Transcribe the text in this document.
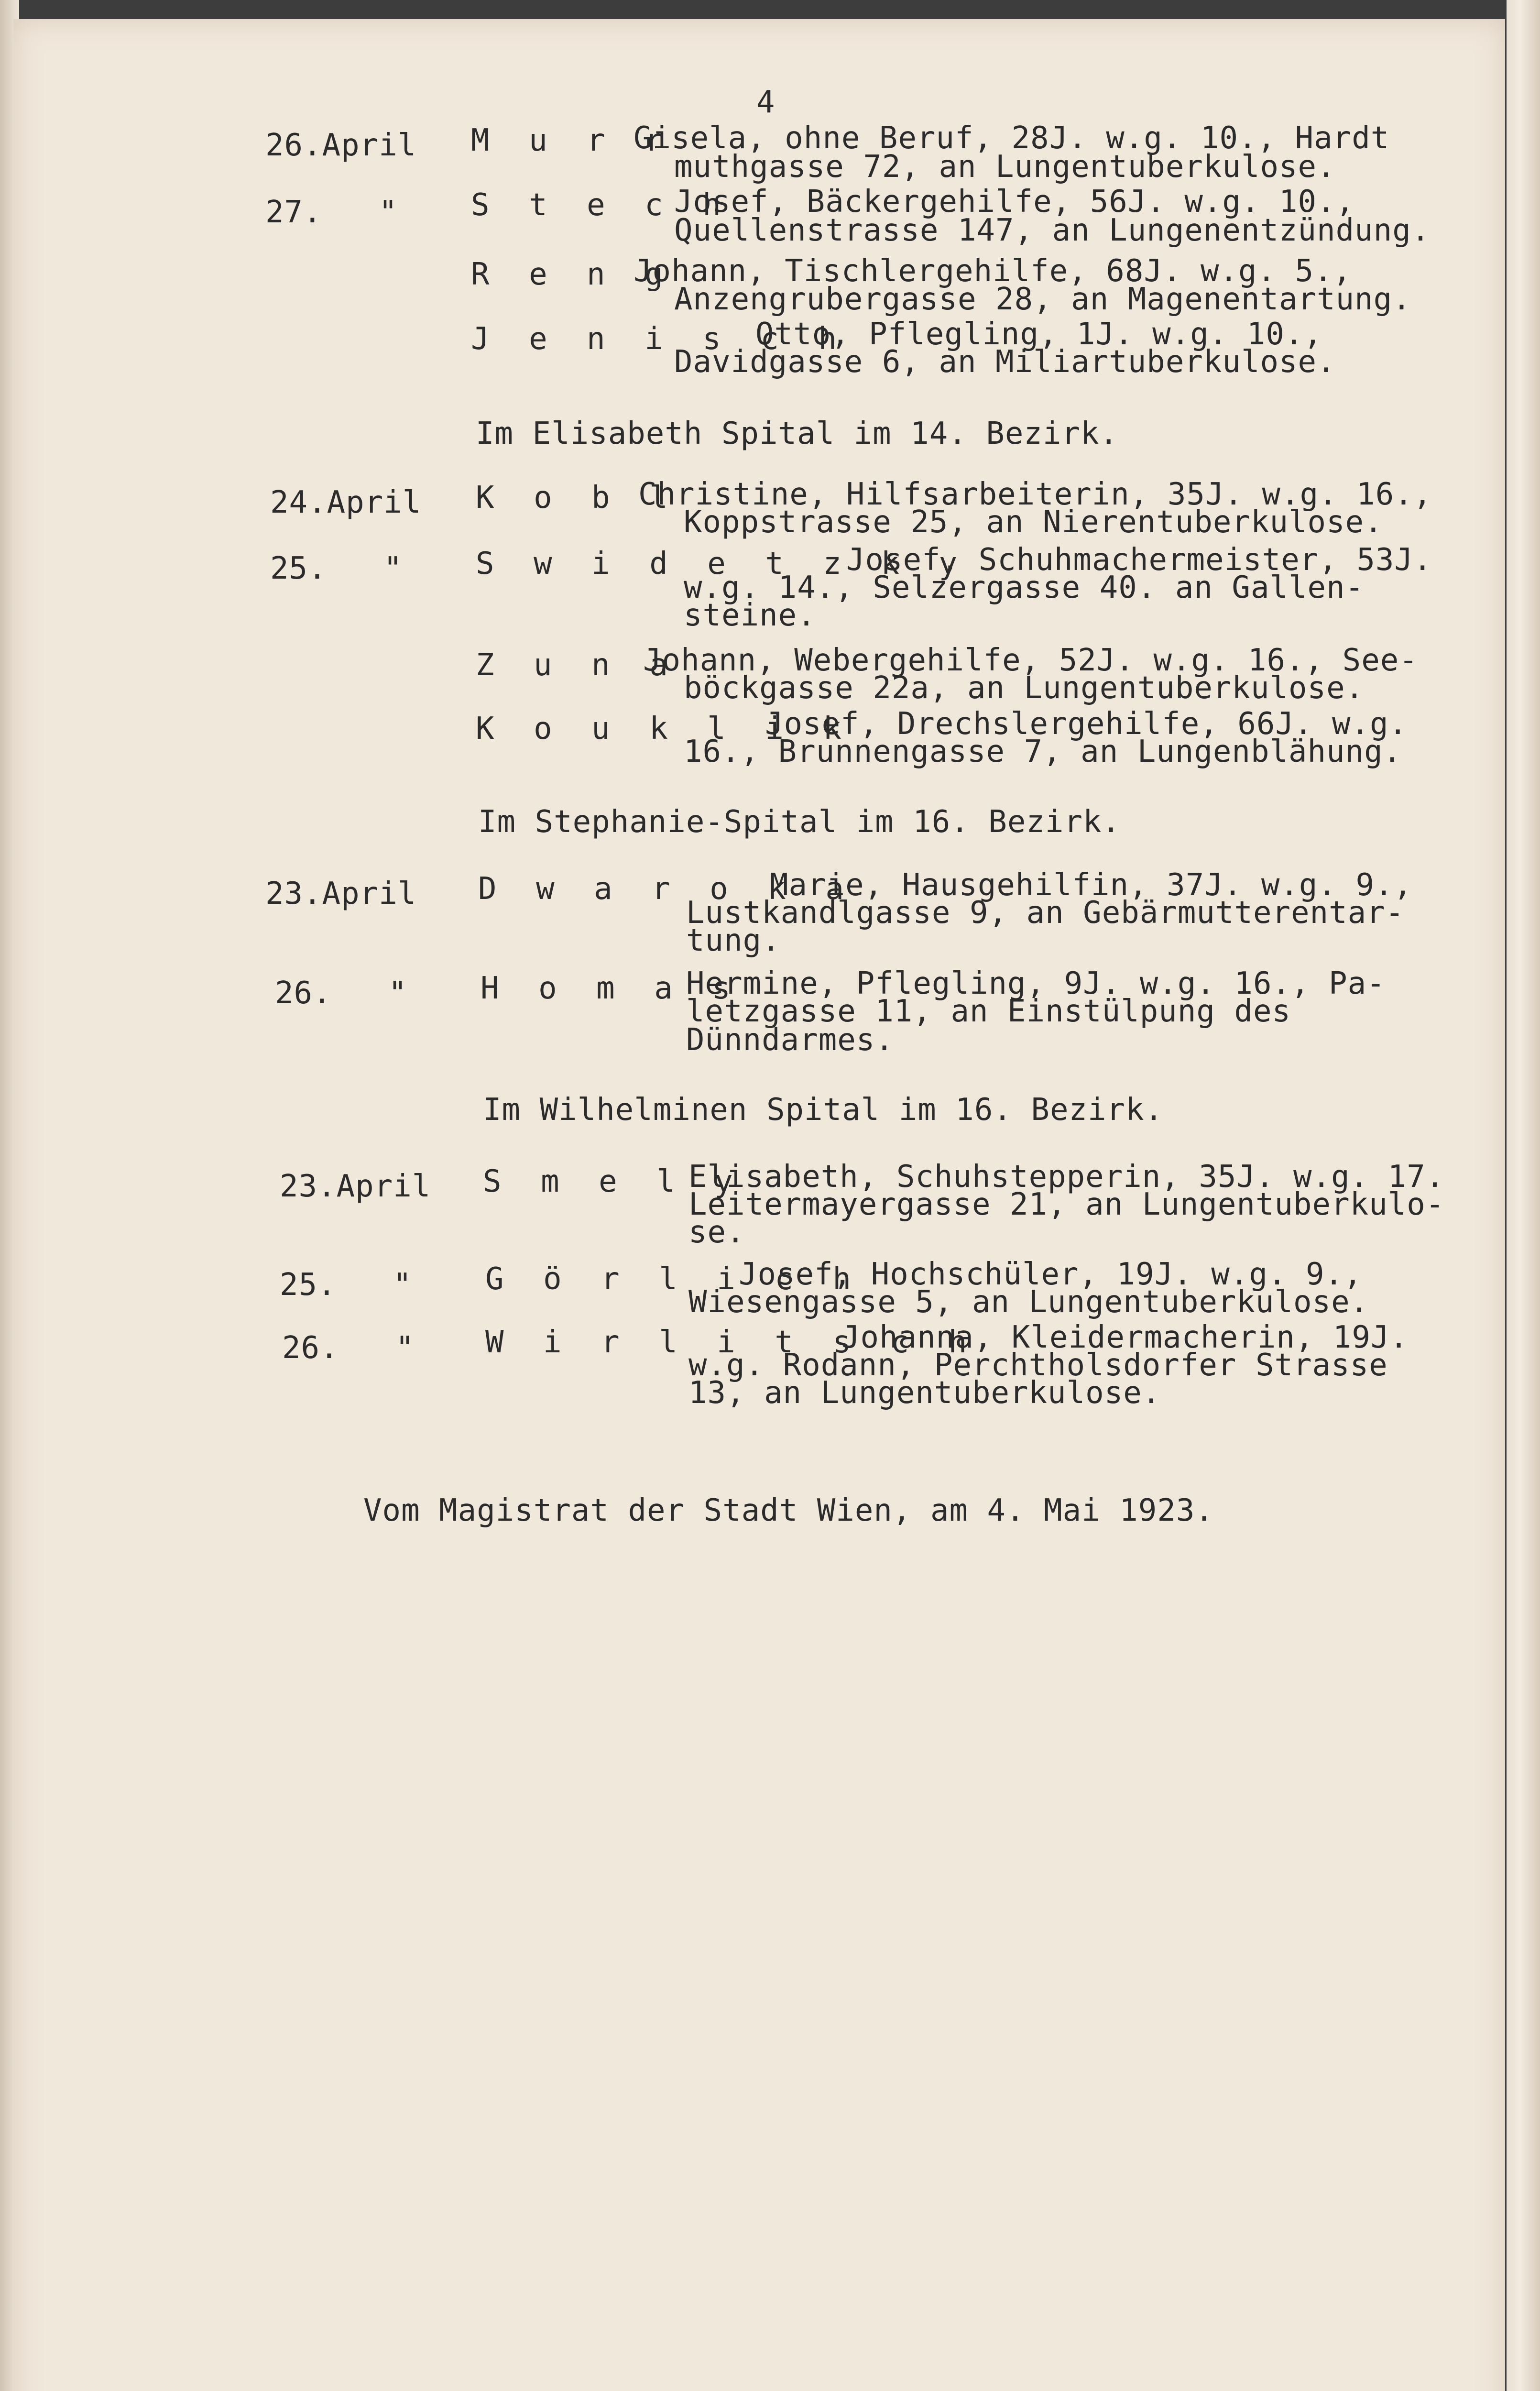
4
26.April M u r r
Gisela, ohne Beruf, 28J. w.g. 10., Hardt
muthgasse 72, an Lungentuberkulose.
27.   " S t e c h
Josef, Bäckergehilfe, 56J. w.g. 10.,
Quellenstrasse 147, an Lungenentzündung.
R e n g
Johann, Tischlergehilfe, 68J. w.g. 5.,
Anzengrubergasse 28, an Magenentartung.
J e n i s c h
Otto, Pflegling, 1J. w.g. 10.,
Davidgasse 6, an Miliartuberkulose.
Im Elisabeth Spital im 14. Bezirk.
24.April K o b l
Christine, Hilfsarbeiterin, 35J. w.g. 16.,
Koppstrasse 25, an Nierentuberkulose.
25.   " S w i d e t z k y
Josef, Schuhmachermeister, 53J.
w.g. 14., Selzergasse 40. an Gallen-
steine.
Z u n a
Johann, Webergehilfe, 52J. w.g. 16., See-
böckgasse 22a, an Lungentuberkulose.
K o u k l i k
Josef, Drechslergehilfe, 66J. w.g.
16., Brunnengasse 7, an Lungenblähung.
Im Stephanie-Spital im 16. Bezirk.
23.April D w a r o k a
Marie, Hausgehilfin, 37J. w.g. 9.,
Lustkandlgasse 9, an Gebärmutterentar-
tung.
26.   " H o m a s
Hermine, Pflegling, 9J. w.g. 16., Pa-
letzgasse 11, an Einstülpung des
Dünndarmes.
Im Wilhelminen Spital im 16. Bezirk.
23.April S m e l y
Elisabeth, Schuhstepperin, 35J. w.g. 17.
Leitermayergasse 21, an Lungentuberkulo-
se.
25.   " G ö r l i c h
Josef, Hochschüler, 19J. w.g. 9.,
Wiesengasse 5, an Lungentuberkulose.
26.   " W i r l i t s c h
Johanna, Kleidermacherin, 19J.
w.g. Rodann, Perchtholsdorfer Strasse
13, an Lungentuberkulose.
Vom Magistrat der Stadt Wien, am 4. Mai 1923.
